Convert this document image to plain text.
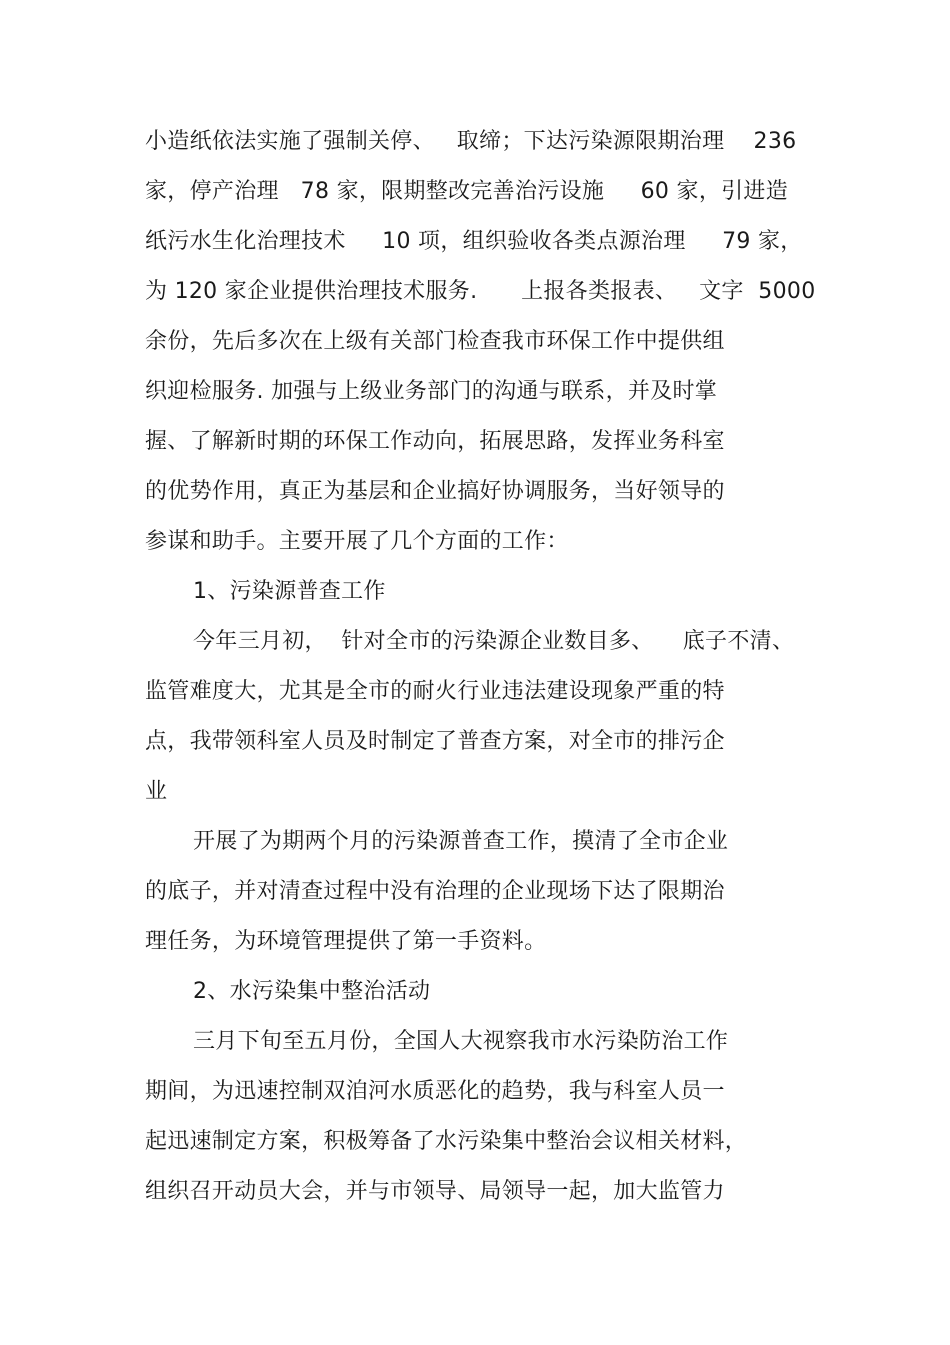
小造纸依法实施了强制关停、   取缔；下达污染源限期治理    236
家，停产治理   78 家，限期整改完善治污设施     60 家，引进造
纸污水生化治理技术     10 项，组织验收各类点源治理     79 家，
为 120 家企业提供治理技术服务.      上报各类报表、   文字  5000
余份，先后多次在上级有关部门检查我市环保工作中提供组
织迎检服务. 加强与上级业务部门的沟通与联系，并及时掌
握、了解新时期的环保工作动向，拓展思路，发挥业务科室
的优势作用，真正为基层和企业搞好协调服务，当好领导的
参谋和助手。主要开展了几个方面的工作：
1、污染源普查工作
今年三月初，  针对全市的污染源企业数目多、    底子不清、
监管难度大，尤其是全市的耐火行业违法建设现象严重的特
点，我带领科室人员及时制定了普查方案，对全市的排污企
业
开展了为期两个月的污染源普查工作，摸清了全市企业
的底子，并对清查过程中没有治理的企业现场下达了限期治
理任务，为环境管理提供了第一手资料。
2、水污染集中整治活动
三月下旬至五月份，全国人大视察我市水污染防治工作
期间，为迅速控制双洎河水质恶化的趋势，我与科室人员一
起迅速制定方案，积极筹备了水污染集中整治会议相关材料，
组织召开动员大会，并与市领导、局领导一起，加大监管力
